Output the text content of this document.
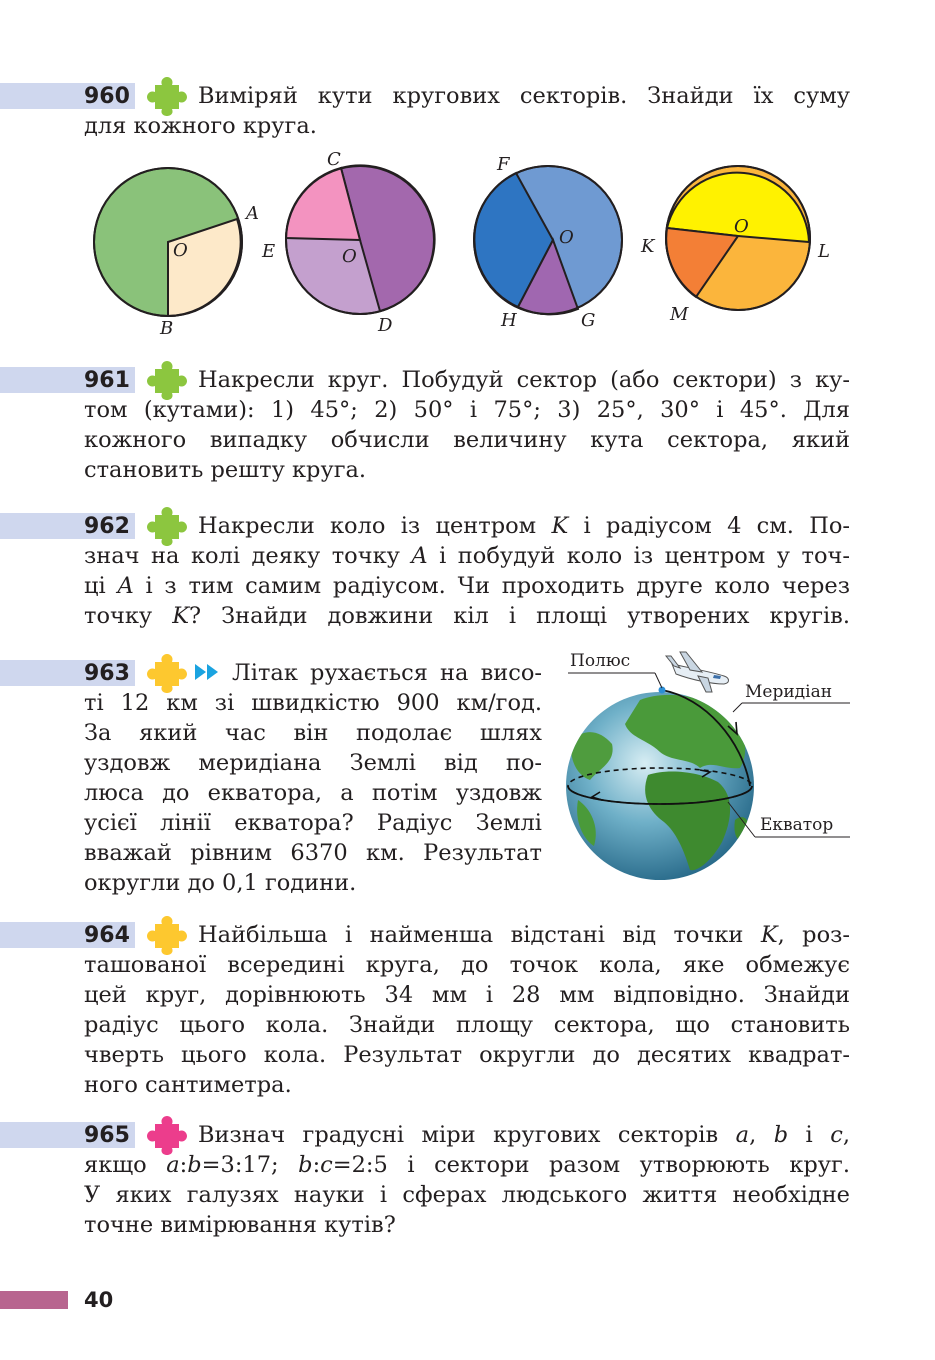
960	Виміряй кути кругових секторів. Знайди їх суму
для кожного круга.
A
B
O
C
D
E	O
F
G
H
O	K	L
M
O
961	Накресли круг. Побудуй сектор (або сектори) з ку-
том (кутами): 1) 45°; 2) 50° і 75°; 3) 25°, 30° і 45°. Для
кожного випадку обчисли величину кута сектора, який
становить решту круга.
962	Накресли коло із центром K і радіусом 4 см. По-
знач на колі деяку точку A і побудуй коло із центром у точ-
ці A і з тим самим радіусом. Чи проходить друге коло через
точку K? Знайди довжини кіл і площі утворених кругів.
963	Літак рухається на висо-
ті 12 км зі швидкістю 900 км/год.
За який час він подолає шлях
уздовж меридіана Землі від по-
люса до екватора, а потім уздовж
усієї лінії екватора? Радіус Землі
вважай рівним 6370 км. Результат
округли до 0,1 години.
Полюс
Меридіан
Екватор
964	Найбільша і найменша відстані від точки K, роз-
ташованої всередині круга, до точок кола, яке обмежує
цей круг, дорівнюють 34 мм і 28 мм відповідно. Знайди
радіус цього кола. Знайди площу сектора, що становить
чверть цього кола. Результат округли до десятих квадрат-
ного сантиметра.
965	Визнач градусні міри кругових секторів a, b і c,
якщо a:b=3:17; b:c=2:5 і сектори разом утворюють круг.
У яких галузях науки і сферах людського життя необхідне
точне вимірювання кутів?
40
